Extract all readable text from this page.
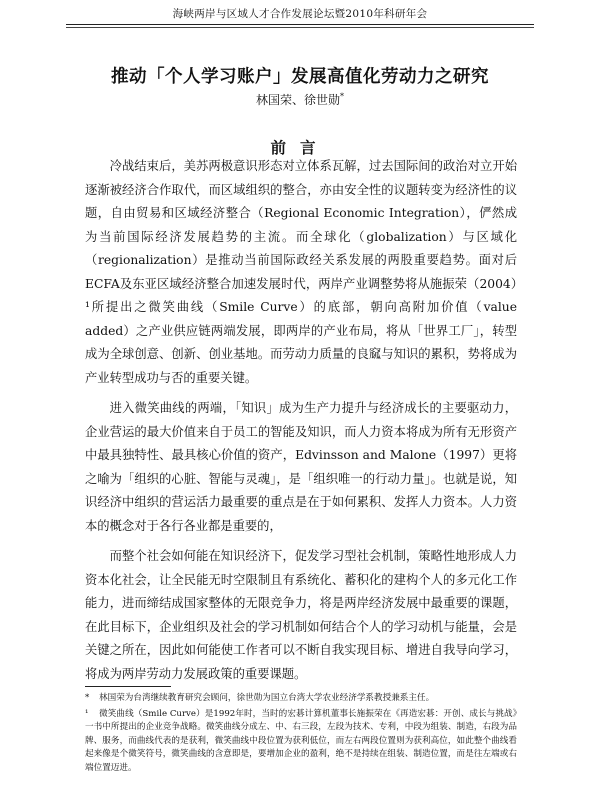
海峡两岸与区域人才合作发展论坛暨2010年科研年会
推动「个人学习账户」发展高值化劳动力之研究
林国荣、徐世勋*
前言

冷战结束后，美苏两极意识形态对立体系瓦解，过去国际间的政治对立开始逐渐被经济合作取代，而区域组织的整合，亦由安全性的议题转变为经济性的议题，自由贸易和区域经济整合（Regional Economic Integration），俨然成为当前国际经济发展趋势的主流。而全球化（globalization）与区域化（regionalization）是推动当前国际政经关系发展的两股重要趋势。面对后ECFA及东亚区域经济整合加速发展时代，两岸产业调整势将从施振荣（2004）¹所提出之微笑曲线（Smile Curve）的底部，朝向高附加价值（value added）之产业供应链两端发展，即两岸的产业布局，将从「世界工厂」，转型成为全球创意、创新、创业基地。而劳动力质量的良窳与知识的累积，势将成为产业转型成功与否的重要关键。

进入微笑曲线的两端，「知识」成为生产力提升与经济成长的主要驱动力，企业营运的最大价值来自于员工的智能及知识，而人力资本将成为所有无形资产中最具独特性、最具核心价值的资产，Edvinsson and Malone（1997）更将之喻为「组织的心脏、智能与灵魂」，是「组织唯一的行动力量」。也就是说，知识经济中组织的营运活力最重要的重点是在于如何累积、发挥人力资本。人力资本的概念对于各行各业都是重要的，

而整个社会如何能在知识经济下，促发学习型社会机制，策略性地形成人力资本化社会，让全民能无时空限制且有系统化、蓄积化的建构个人的多元化工作能力，进而缔结成国家整体的无限竞争力，将是两岸经济发展中最重要的课题，在此目标下，企业组织及社会的学习机制如何结合个人的学习动机与能量，会是关键之所在，因此如何能使工作者可以不断自我实现目标、增进自我导向学习，将成为两岸劳动力发展政策的重要课题。

* 林国荣为台湾继续教育研究会顾问，徐世勋为国立台湾大学农业经济学系教授兼系主任。

¹ 微笑曲线（Smile Curve）是1992年时，当时的宏碁计算机董事长施振荣在《再造宏碁：开创、成长与挑战》一书中所提出的企业竞争战略。微笑曲线分成左、中、右三段，左段为技术、专利，中段为组装、制造，右段为品牌、服务，而曲线代表的是获利，微笑曲线中段位置为获利低位，而左右两段位置则为获利高位，如此整个曲线看起来像是个微笑符号，微笑曲线的含意即是，要增加企业的盈利，绝不是持续在组装、制造位置，而是往左端或右端位置迈进。
